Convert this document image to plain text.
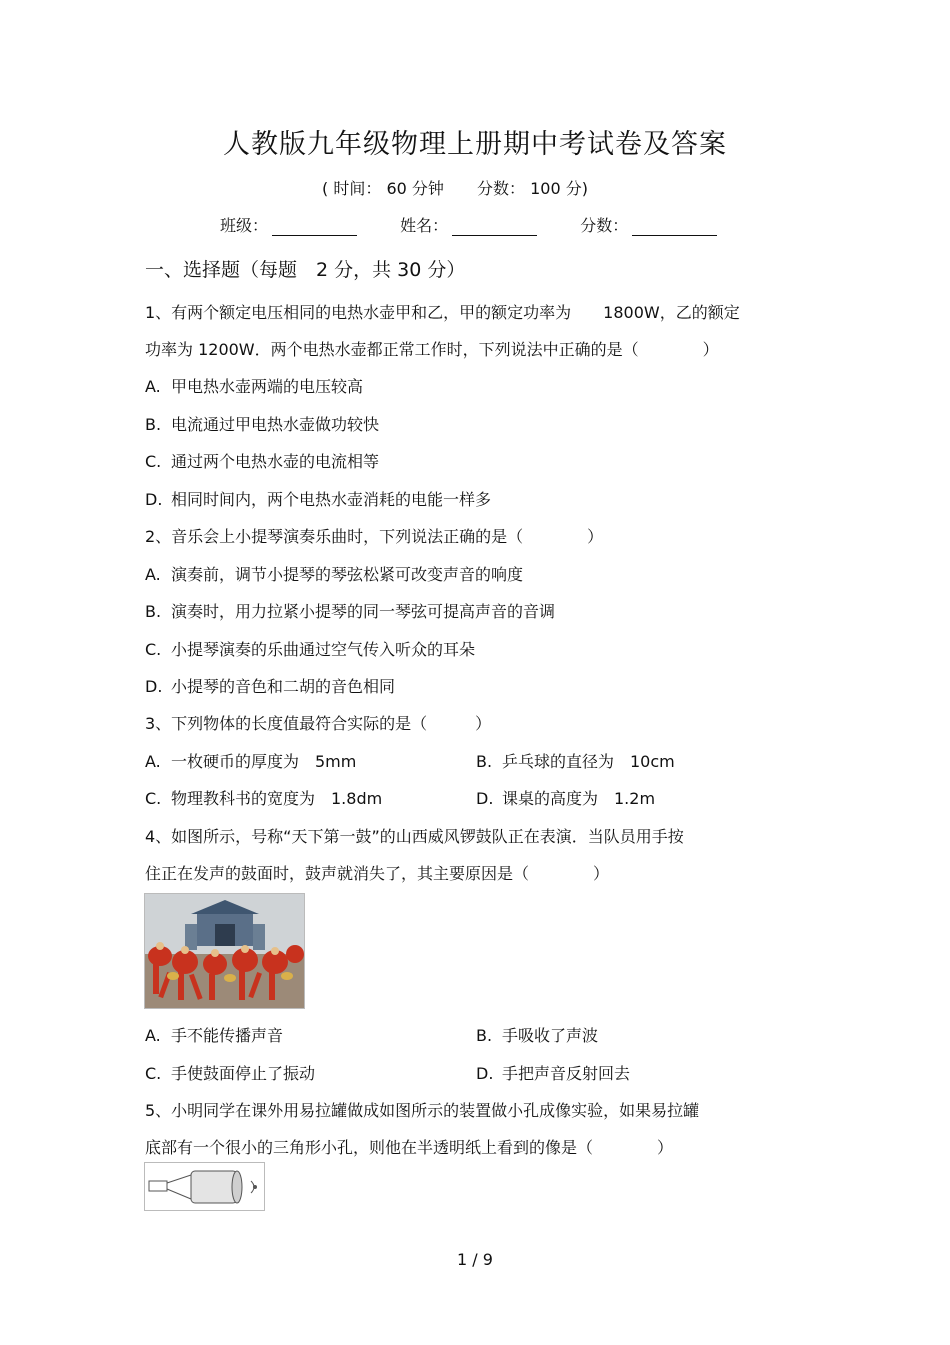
人教版九年级物理上册期中考试卷及答案
( 时间： 60 分钟 分数： 100 分)
班级：	姓名：	分数：
一、选择题（每题　2 分，共 30 分）
1、有两个额定电压相同的电热水壶甲和乙，甲的额定功率为　　1800W，乙的额定
功率为 1200W．两个电热水壶都正常工作时，下列说法中正确的是（　　　　）
A. 甲电热水壶两端的电压较高
B. 电流通过甲电热水壶做功较快
C. 通过两个电热水壶的电流相等
D. 相同时间内，两个电热水壶消耗的电能一样多
2、音乐会上小提琴演奏乐曲时，下列说法正确的是（　　　　）
A. 演奏前，调节小提琴的琴弦松紧可改变声音的响度
B. 演奏时，用力拉紧小提琴的同一琴弦可提高声音的音调
C. 小提琴演奏的乐曲通过空气传入听众的耳朵
D. 小提琴的音色和二胡的音色相同
3、下列物体的长度值最符合实际的是（　　　）
A. 一枚硬币的厚度为　5mm	B. 乒乓球的直径为　10cm
C. 物理教科书的宽度为　1.8dm	D. 课桌的高度为　1.2m
4、如图所示，号称“天下第一鼓”的山西威风锣鼓队正在表演．当队员用手按
住正在发声的鼓面时，鼓声就消失了，其主要原因是（　　　　）
A. 手不能传播声音	B. 手吸收了声波
C. 手使鼓面停止了振动	D. 手把声音反射回去
5、小明同学在课外用易拉罐做成如图所示的装置做小孔成像实验，如果易拉罐
底部有一个很小的三角形小孔，则他在半透明纸上看到的像是（　　　　）
1 / 9
